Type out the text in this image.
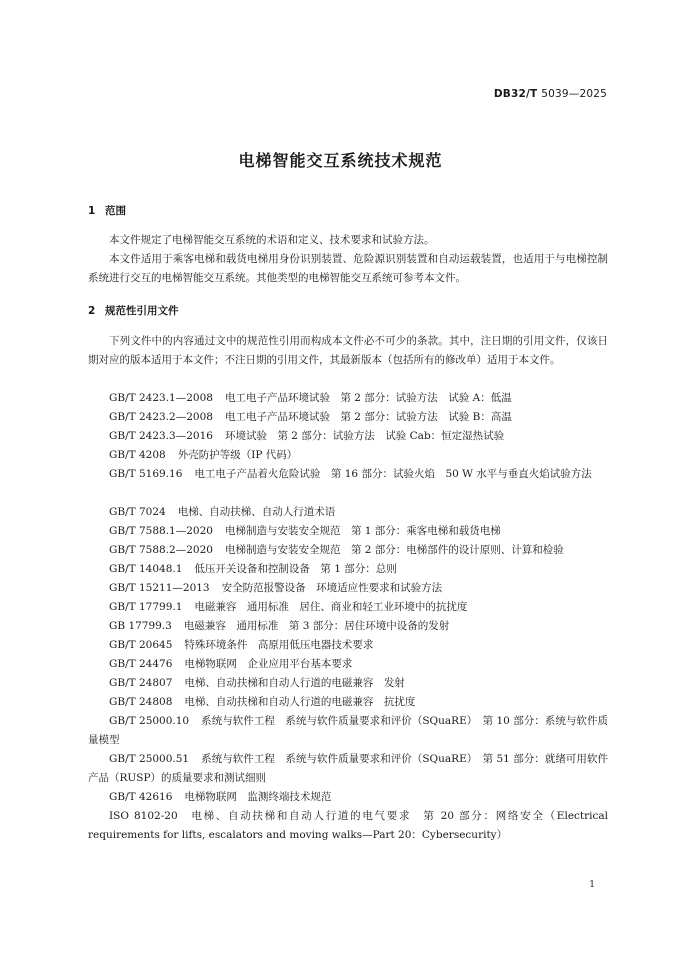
DB32/T 5039—2025
电梯智能交互系统技术规范
1 范围
本文件规定了电梯智能交互系统的术语和定义、技术要求和试验方法。
本文件适用于乘客电梯和载货电梯用身份识别装置、危险源识别装置和自动运载装置，也适用于与电梯控制系统进行交互的电梯智能交互系统。其他类型的电梯智能交互系统可参考本文件。
2 规范性引用文件
下列文件中的内容通过文中的规范性引用而构成本文件必不可少的条款。其中，注日期的引用文件，仅该日期对应的版本适用于本文件；不注日期的引用文件，其最新版本（包括所有的修改单）适用于本文件。
GB/T 2423.1—2008 电工电子产品环境试验　第 2 部分：试验方法　试验 A：低温
GB/T 2423.2—2008 电工电子产品环境试验　第 2 部分：试验方法　试验 B：高温
GB/T 2423.3—2016 环境试验　第 2 部分：试验方法　试验 Cab：恒定湿热试验
GB/T 4208 外壳防护等级（IP 代码）
GB/T 5169.16 电工电子产品着火危险试验　第 16 部分：试验火焰　50 W 水平与垂直火焰试验方法
GB/T 7024 电梯、自动扶梯、自动人行道术语
GB/T 7588.1—2020 电梯制造与安装安全规范　第 1 部分：乘客电梯和载货电梯
GB/T 7588.2—2020 电梯制造与安装安全规范　第 2 部分：电梯部件的设计原则、计算和检验
GB/T 14048.1 低压开关设备和控制设备　第 1 部分：总则
GB/T 15211—2013 安全防范报警设备　环境适应性要求和试验方法
GB/T 17799.1 电磁兼容　通用标准　居住、商业和轻工业环境中的抗扰度
GB 17799.3 电磁兼容　通用标准　第 3 部分：居住环境中设备的发射
GB/T 20645 特殊环境条件　高原用低压电器技术要求
GB/T 24476 电梯物联网　企业应用平台基本要求
GB/T 24807 电梯、自动扶梯和自动人行道的电磁兼容　发射
GB/T 24808 电梯、自动扶梯和自动人行道的电磁兼容　抗扰度
GB/T 25000.10 系统与软件工程　系统与软件质量要求和评价（SQuaRE）　第 10 部分：系统与软件质量模型
GB/T 25000.51 系统与软件工程　系统与软件质量要求和评价（SQuaRE）　第 51 部分：就绪可用软件产品（RUSP）的质量要求和测试细则
GB/T 42616 电梯物联网　监测终端技术规范
ISO 8102-20 电梯、自动扶梯和自动人行道的电气要求　第 20 部分：网络安全（Electrical requirements for lifts, escalators and moving walks—Part 20：Cybersecurity）
1
